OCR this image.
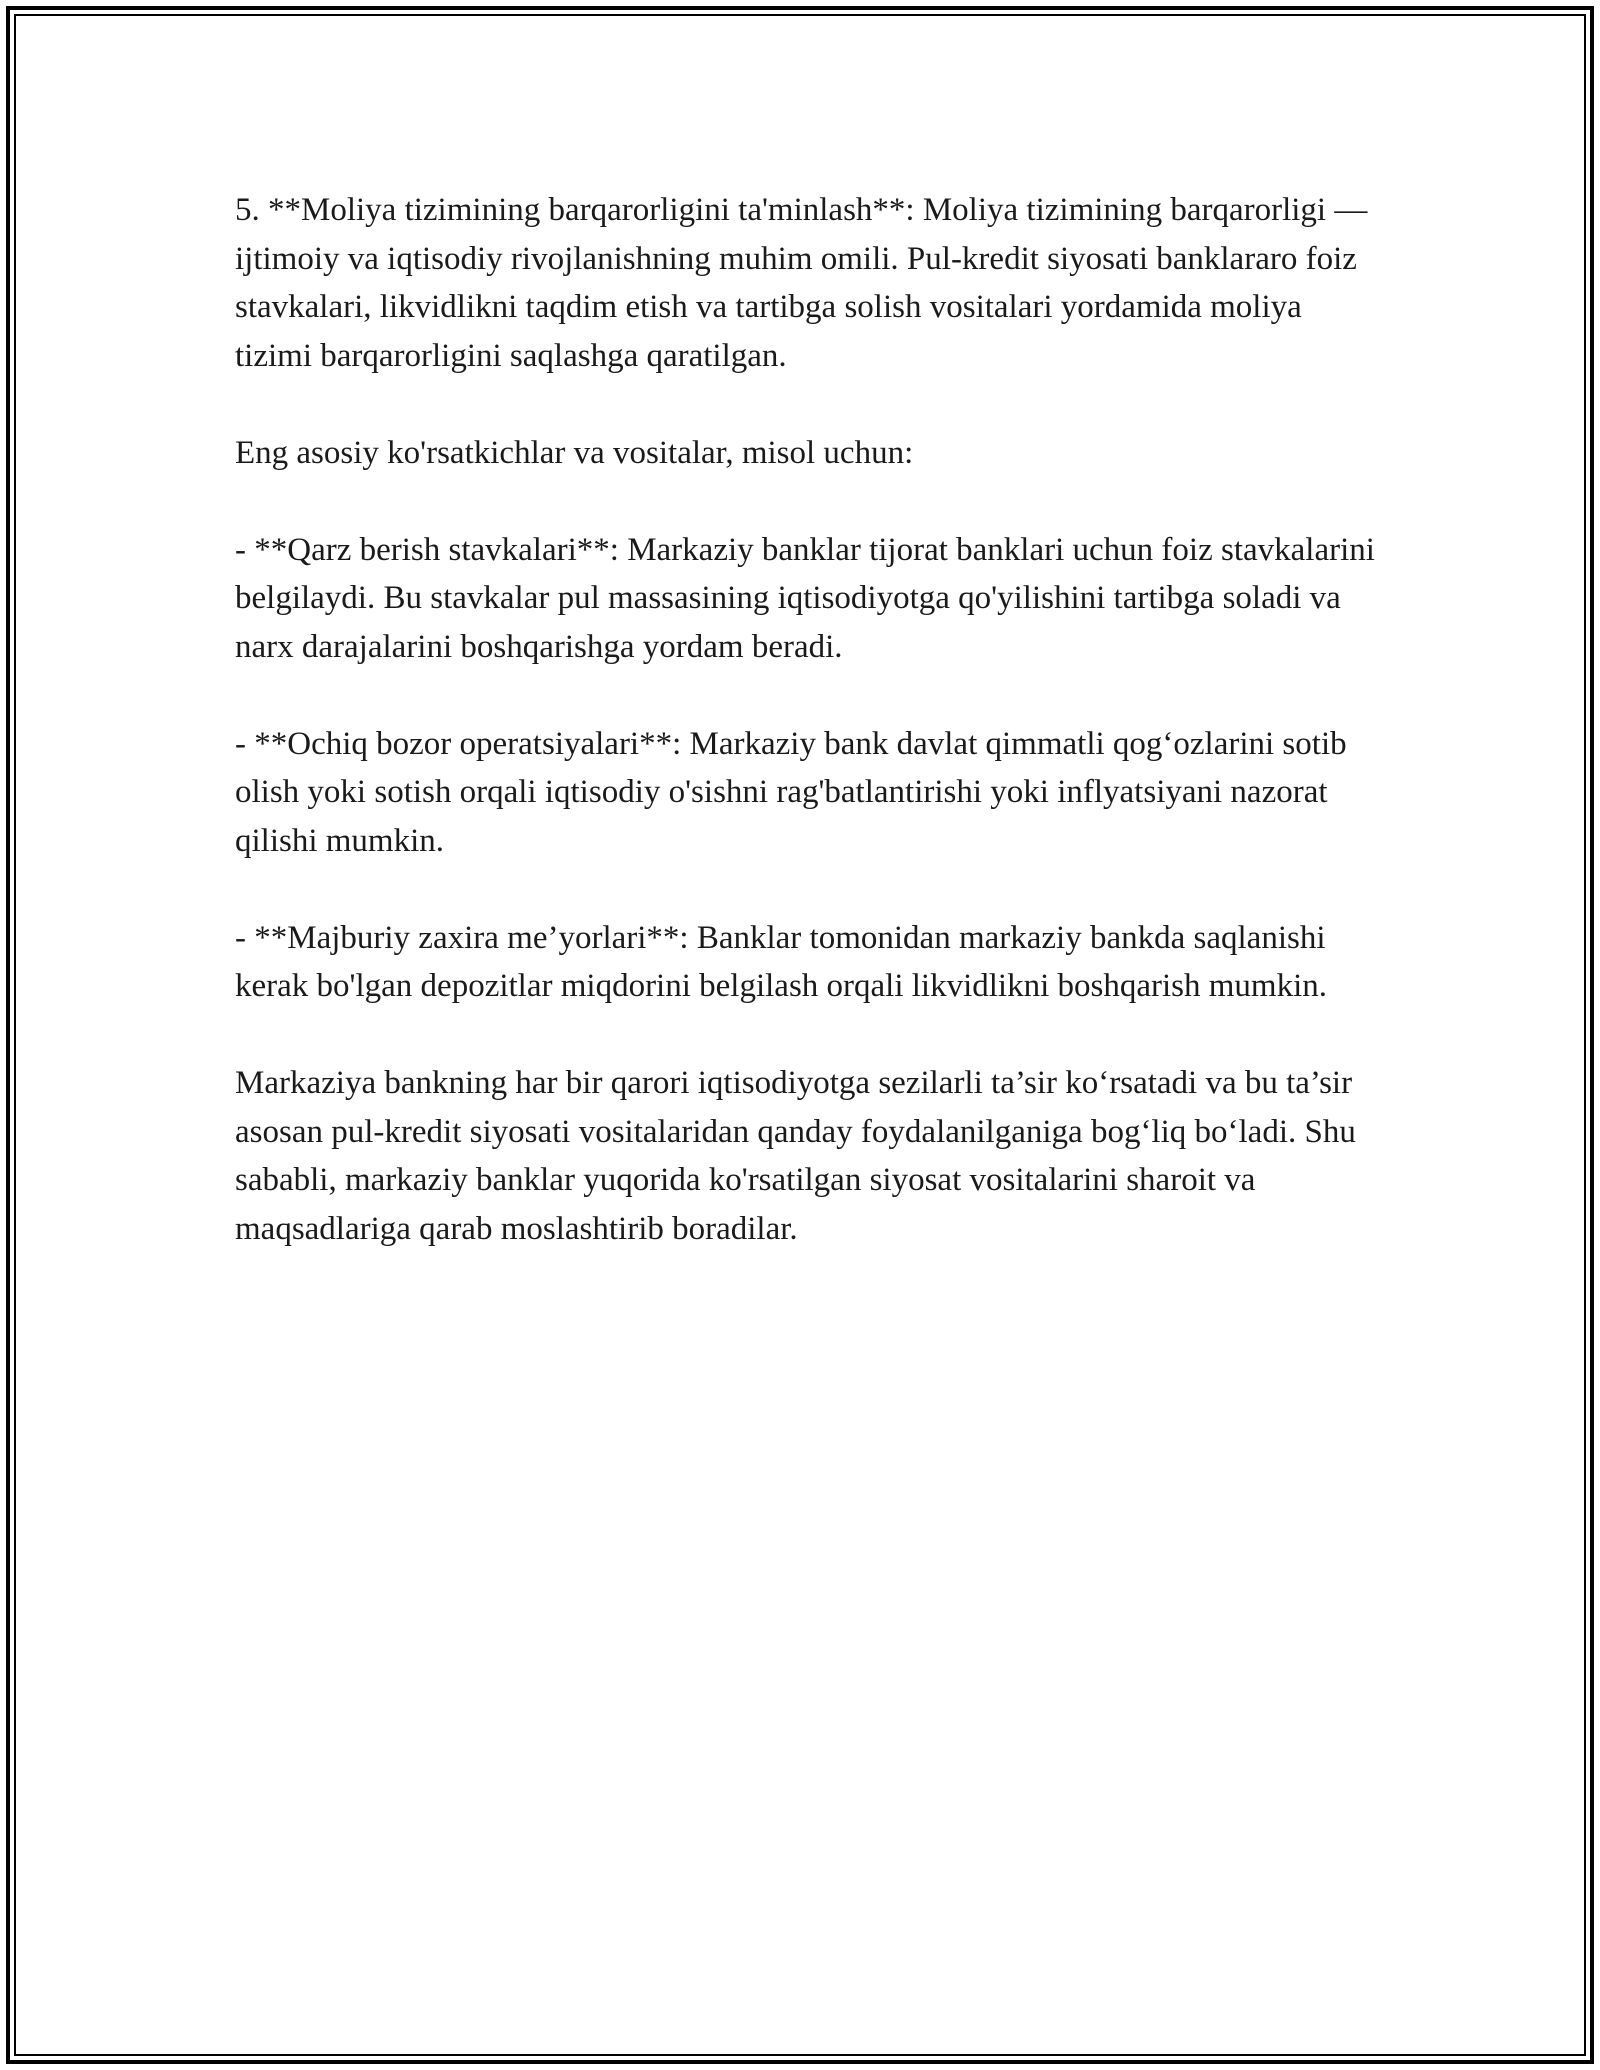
5. **Moliya tizimining barqarorligini ta'minlash**: Moliya tizimining barqarorligi — ijtimoiy va iqtisodiy rivojlanishning muhim omili. Pul-kredit siyosati banklararo foiz stavkalari, likvidlikni taqdim etish va tartibga solish vositalari yordamida moliya tizimi barqarorligini saqlashga qaratilgan.

Eng asosiy ko'rsatkichlar va vositalar, misol uchun:

- **Qarz berish stavkalari**: Markaziy banklar tijorat banklari uchun foiz stavkalarini belgilaydi. Bu stavkalar pul massasining iqtisodiyotga qo'yilishini tartibga soladi va narx darajalarini boshqarishga yordam beradi.

- **Ochiq bozor operatsiyalari**: Markaziy bank davlat qimmatli qog‘ozlarini sotib olish yoki sotish orqali iqtisodiy o'sishni rag'batlantirishi yoki inflyatsiyani nazorat qilishi mumkin.

- **Majburiy zaxira me’yorlari**: Banklar tomonidan markaziy bankda saqlanishi kerak bo'lgan depozitlar miqdorini belgilash orqali likvidlikni boshqarish mumkin.

Markaziya bankning har bir qarori iqtisodiyotga sezilarli ta’sir ko‘rsatadi va bu ta’sir asosan pul-kredit siyosati vositalaridan qanday foydalanilganiga bog‘liq bo‘ladi. Shu sababli, markaziy banklar yuqorida ko'rsatilgan siyosat vositalarini sharoit va maqsadlariga qarab moslashtirib boradilar.
